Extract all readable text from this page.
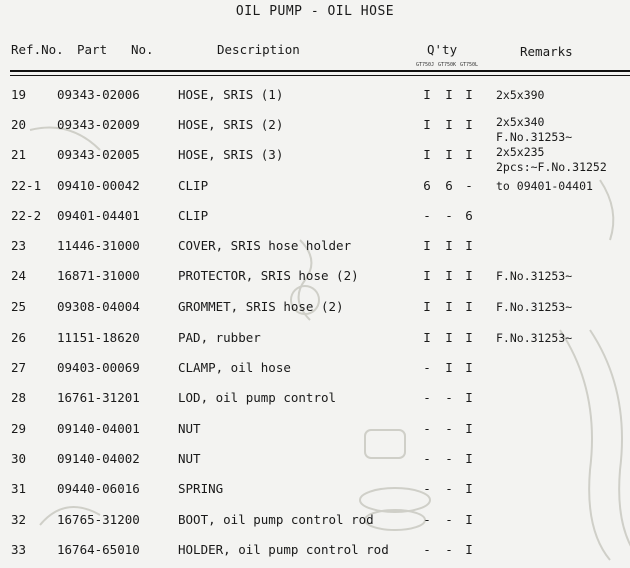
OIL PUMP - OIL HOSE
Ref.No. Part No.	Description	Q'ty
GT750J GT750K GT750L
Remarks
19 09343-02006	HOSE, SRIS (1)	I I I 2x5x390
20 09343-02009	HOSE, SRIS (2)	I I I 2x5x340
F.No.31253~
21 09343-02005	HOSE, SRIS (3)	I I I 2x5x235
2pcs:~F.No.31252
22-1 09410-00042	CLIP	6 6 - to 09401-04401
22-2 09401-04401	CLIP	- - 6
23 11446-31000	COVER, SRIS hose holder	I I I
24 16871-31000	PROTECTOR, SRIS hose (2)	I I I F.No.31253~
25 09308-04004	GROMMET, SRIS hose (2)	I I I F.No.31253~
26 11151-18620	PAD, rubber	I I I F.No.31253~
27 09403-00069	CLAMP, oil hose	- I I
28 16761-31201	LOD, oil pump control	- - I
29 09140-04001	NUT	- - I
30 09140-04002	NUT	- - I
31 09440-06016	SPRING	- - I
32 16765-31200	BOOT, oil pump control rod	- - I
33 16764-65010	HOLDER, oil pump control rod	- - I
